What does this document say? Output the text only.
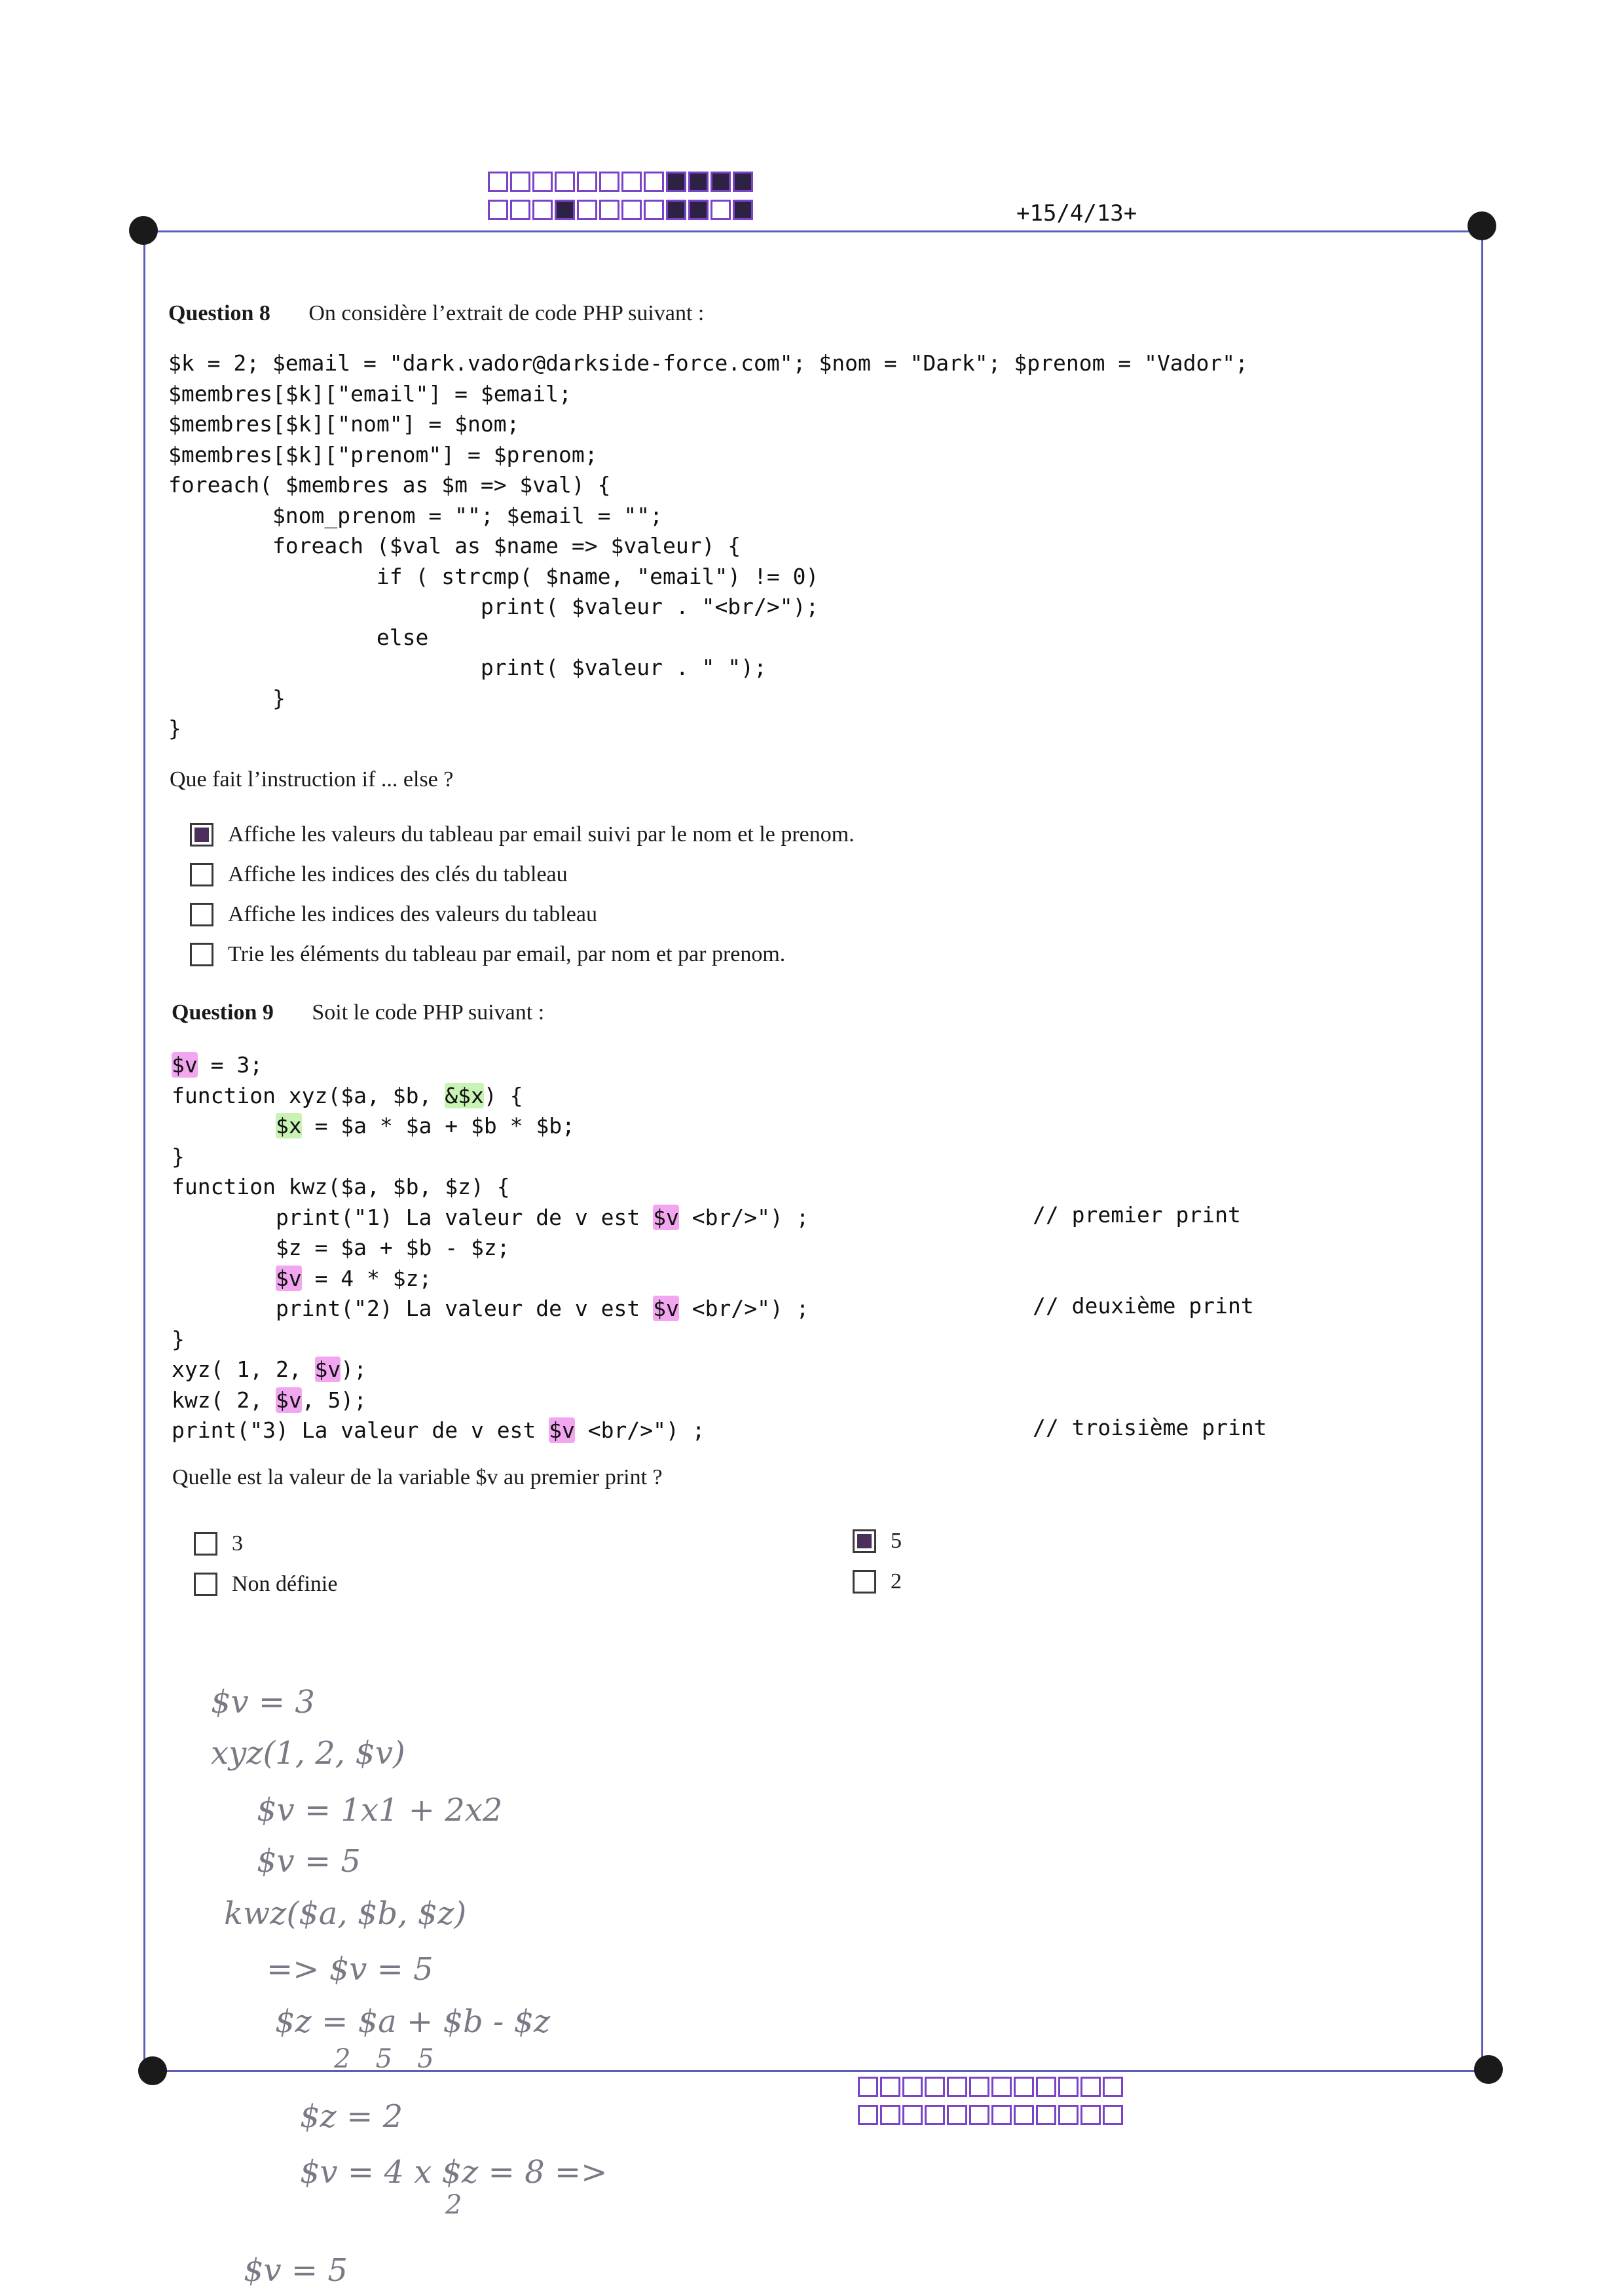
+15/4/13+
Question 8 On considère l’extrait de code PHP suivant :
$k = 2; $email = "dark.vador@darkside-force.com"; $nom = "Dark"; $prenom = "Vador";
$membres[$k]["email"] = $email;
$membres[$k]["nom"] = $nom;
$membres[$k]["prenom"] = $prenom;
foreach( $membres as $m => $val) {
$nom_prenom = ""; $email = "";
foreach ($val as $name => $valeur) {
if ( strcmp( $name, "email") != 0)
print( $valeur . "<br/>");
else
print( $valeur . " ");
}
}
Que fait l’instruction if ... else ?
Affiche les valeurs du tableau par email suivi par le nom et le prenom.
Affiche les indices des clés du tableau
Affiche les indices des valeurs du tableau
Trie les éléments du tableau par email, par nom et par prenom.
Question 9 Soit le code PHP suivant :
$v = 3;
function xyz($a, $b, &$x) {
$x = $a * $a + $b * $b;
}
function kwz($a, $b, $z) {
print("1) La valeur de v est $v <br/>") ;	// premier print
$z = $a + $b - $z;
$v = 4 * $z;
print("2) La valeur de v est $v <br/>") ;	// deuxième print
}
xyz( 1, 2, $v);
kwz( 2, $v, 5);
print("3) La valeur de v est $v <br/>") ;	// troisième print
Quelle est la valeur de la variable $v au premier print ?
3
Non définie
5
2
$v = 3
xyz(1, 2, $v)
$v = 1x1 + 2x2
$v = 5
kwz($a, $b, $z)
=> $v = 5
$z = $a + $b - $z
2   5   5
$z = 2
$v = 4 x $z = 8 =>
2
$v = 5
